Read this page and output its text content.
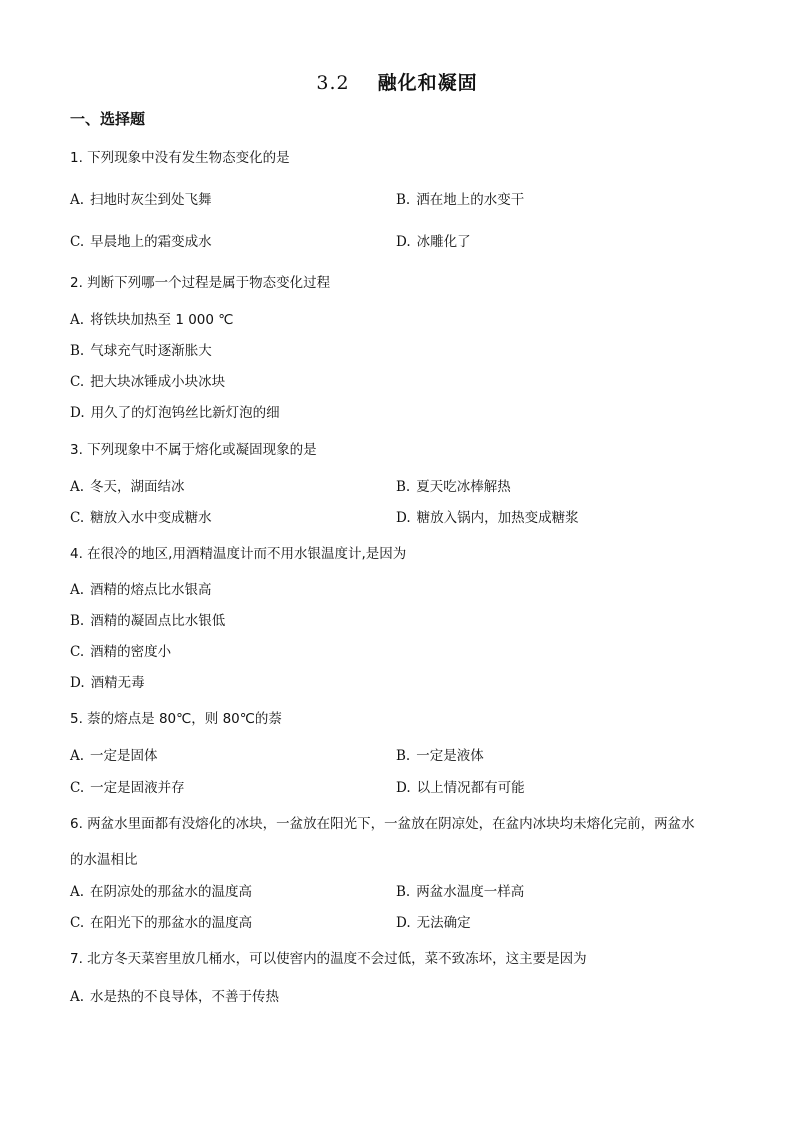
3.2 融化和凝固
一、选择题
1. 下列现象中没有发生物态变化的是
A. 扫地时灰尘到处飞舞	B. 洒在地上的水变干
C. 早晨地上的霜变成水	D. 冰雕化了
2. 判断下列哪一个过程是属于物态变化过程
A. 将铁块加热至 1 000 ℃
B. 气球充气时逐渐胀大
C. 把大块冰锤成小块冰块
D. 用久了的灯泡钨丝比新灯泡的细
3. 下列现象中不属于熔化或凝固现象的是
A. 冬天，湖面结冰	B. 夏天吃冰棒解热
C. 糖放入水中变成糖水	D. 糖放入锅内，加热变成糖浆
4. 在很冷的地区,用酒精温度计而不用水银温度计,是因为
A. 酒精的熔点比水银高
B. 酒精的凝固点比水银低
C. 酒精的密度小
D. 酒精无毒
5. 萘的熔点是 80℃，则 80℃的萘
A. 一定是固体	B. 一定是液体
C. 一定是固液并存	D. 以上情况都有可能
6. 两盆水里面都有没熔化的冰块，一盆放在阳光下，一盆放在阴凉处，在盆内冰块均未熔化完前，两盆水
的水温相比
A. 在阴凉处的那盆水的温度高	B. 两盆水温度一样高
C. 在阳光下的那盆水的温度高	D. 无法确定
7. 北方冬天菜窖里放几桶水，可以使窖内的温度不会过低，菜不致冻坏，这主要是因为
A. 水是热的不良导体，不善于传热
